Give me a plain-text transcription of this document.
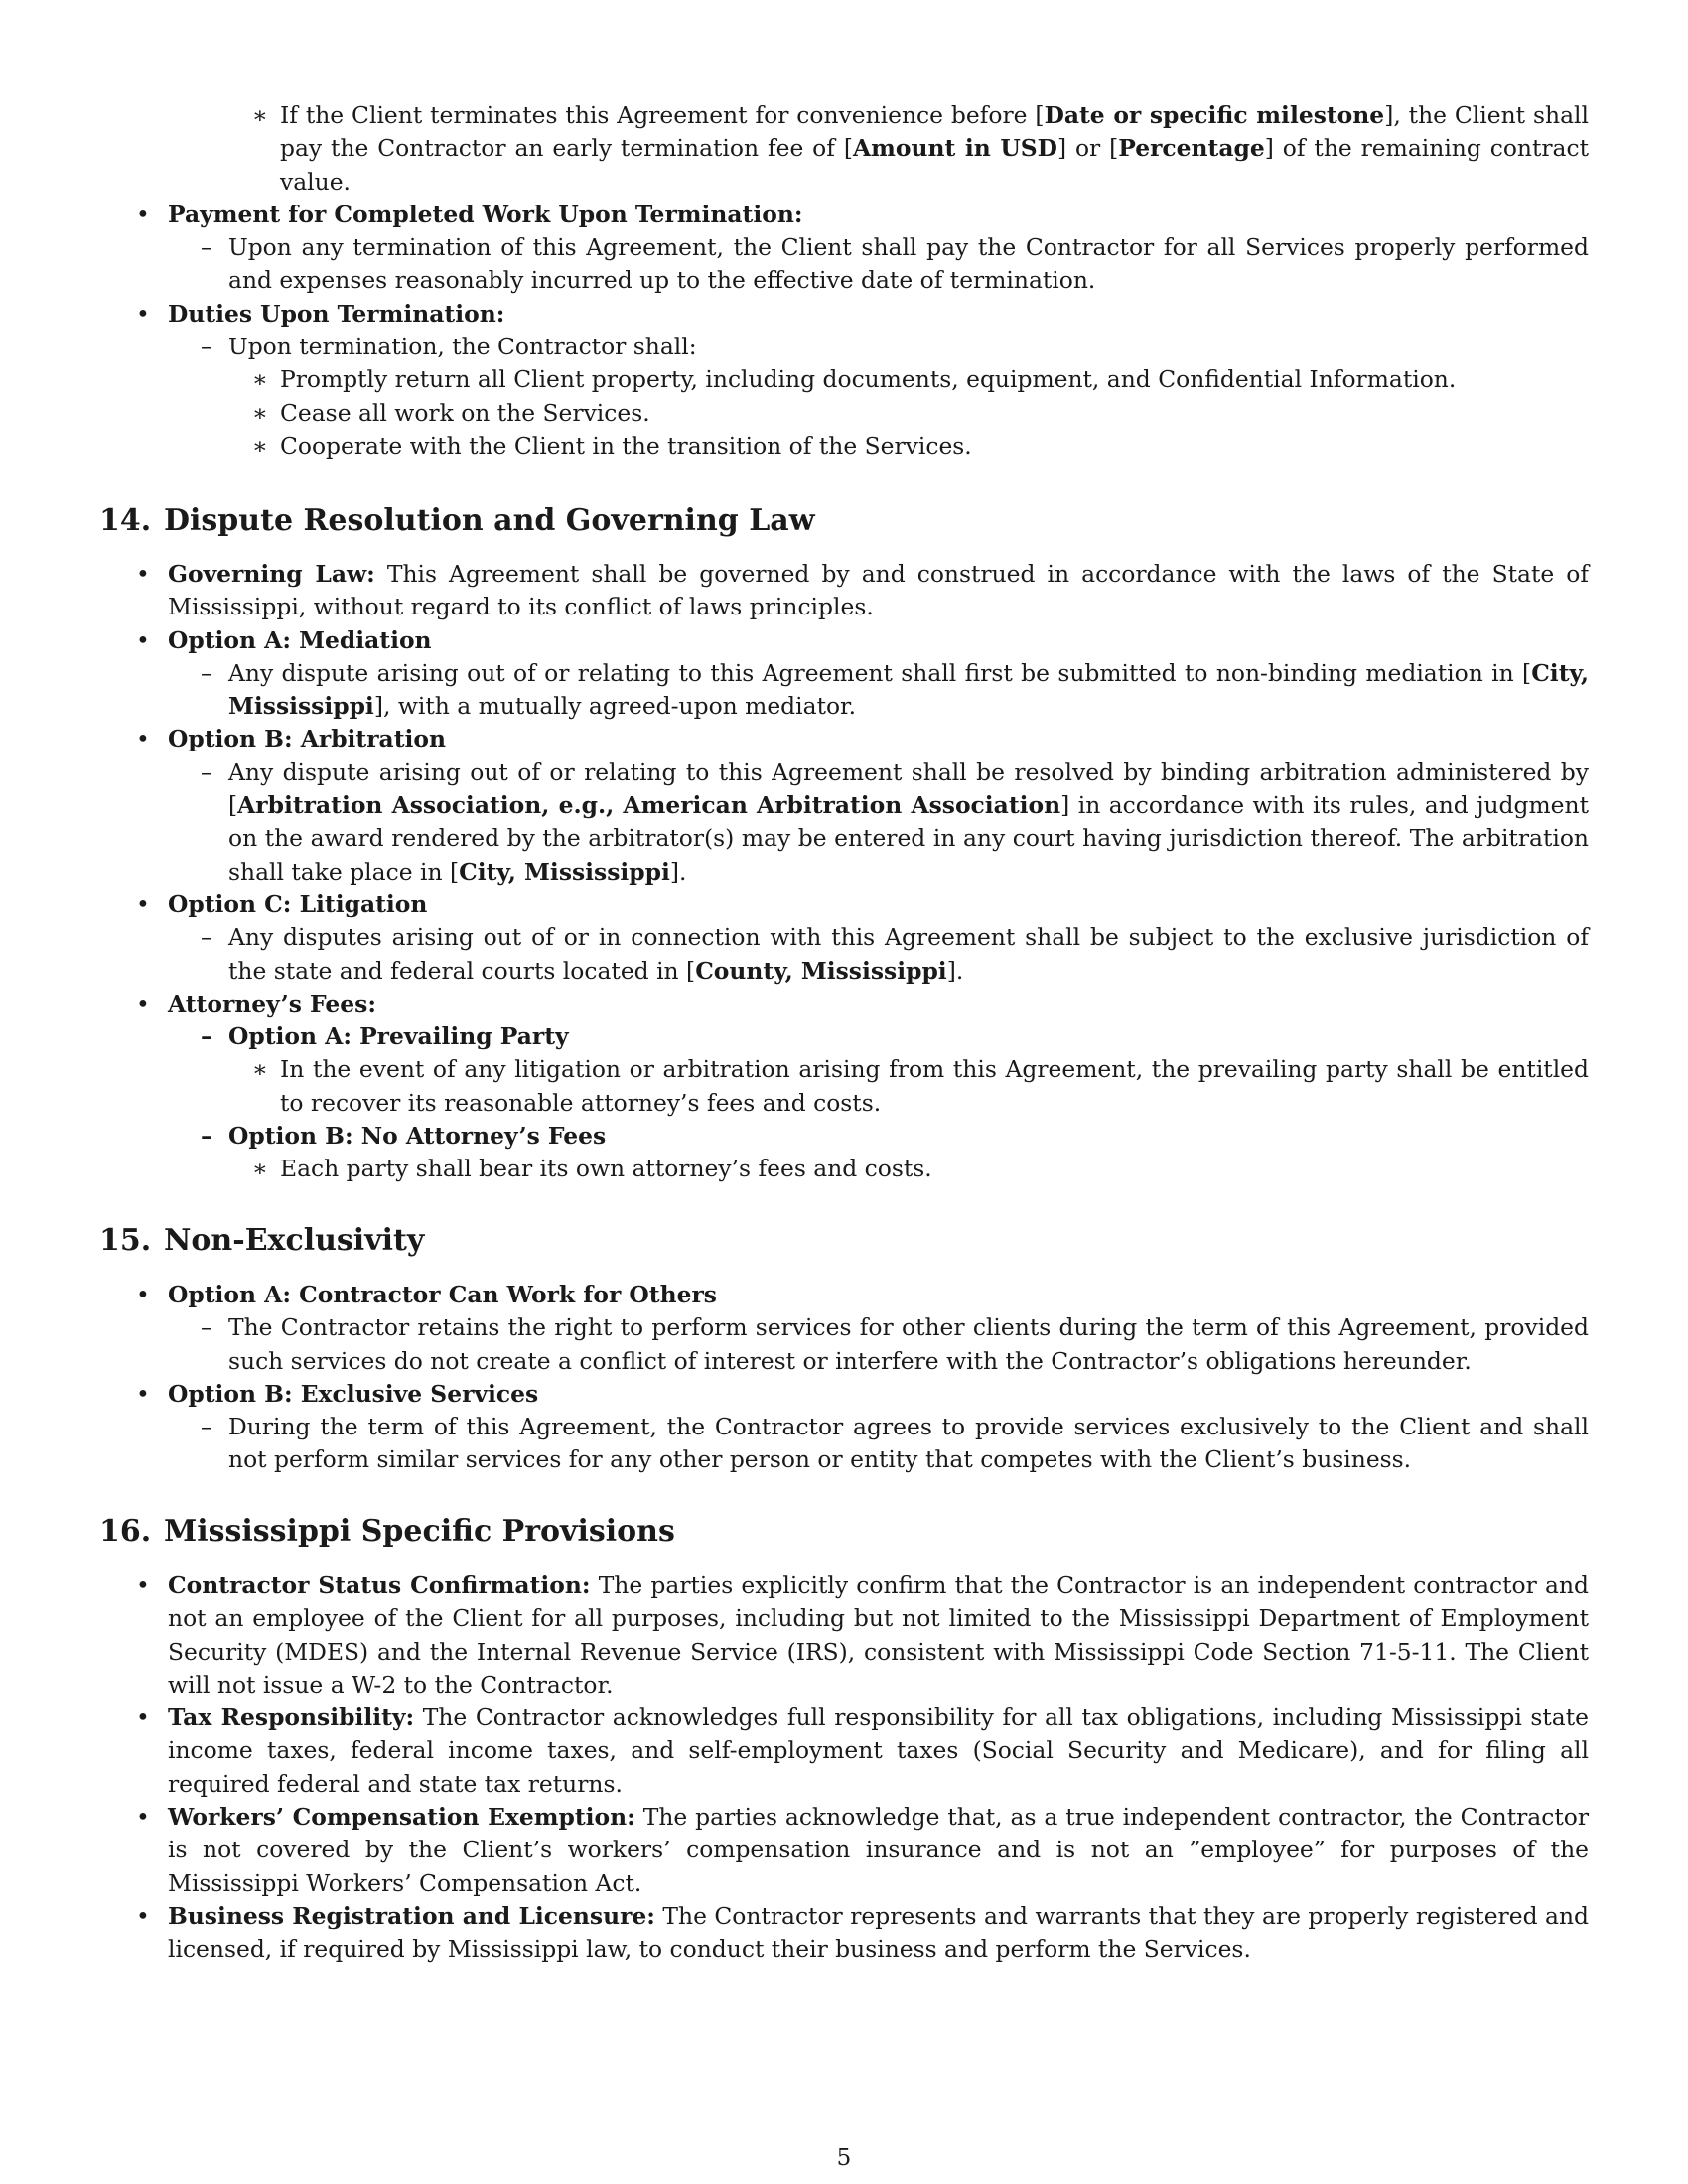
∗ If the Client terminates this Agreement for convenience before [Date or specific milestone], the Client shall pay the Contractor an early termination fee of [Amount in USD] or [Percentage] of the remaining contract value.
• Payment for Completed Work Upon Termination:
– Upon any termination of this Agreement, the Client shall pay the Contractor for all Services properly performed and expenses reasonably incurred up to the effective date of termination.
• Duties Upon Termination:
– Upon termination, the Contractor shall:
∗ Promptly return all Client property, including documents, equipment, and Confidential Information.
∗ Cease all work on the Services.
∗ Cooperate with the Client in the transition of the Services.
14. Dispute Resolution and Governing Law
• Governing Law: This Agreement shall be governed by and construed in accordance with the laws of the State of Mississippi, without regard to its conflict of laws principles.
• Option A: Mediation
– Any dispute arising out of or relating to this Agreement shall first be submitted to non-binding mediation in [City, Mississippi], with a mutually agreed-upon mediator.
• Option B: Arbitration
– Any dispute arising out of or relating to this Agreement shall be resolved by binding arbitration administered by [Arbitration Association, e.g., American Arbitration Association] in accordance with its rules, and judgment on the award rendered by the arbitrator(s) may be entered in any court having jurisdiction thereof. The arbitration shall take place in [City, Mississippi].
• Option C: Litigation
– Any disputes arising out of or in connection with this Agreement shall be subject to the exclusive jurisdiction of the state and federal courts located in [County, Mississippi].
• Attorney’s Fees:
– Option A: Prevailing Party
∗ In the event of any litigation or arbitration arising from this Agreement, the prevailing party shall be entitled to recover its reasonable attorney’s fees and costs.
– Option B: No Attorney’s Fees
∗ Each party shall bear its own attorney’s fees and costs.
15. Non-Exclusivity
• Option A: Contractor Can Work for Others
– The Contractor retains the right to perform services for other clients during the term of this Agreement, provided such services do not create a conflict of interest or interfere with the Contractor’s obligations hereunder.
• Option B: Exclusive Services
– During the term of this Agreement, the Contractor agrees to provide services exclusively to the Client and shall not perform similar services for any other person or entity that competes with the Client’s business.
16. Mississippi Specific Provisions
• Contractor Status Confirmation: The parties explicitly confirm that the Contractor is an independent contractor and not an employee of the Client for all purposes, including but not limited to the Mississippi Department of Employment Security (MDES) and the Internal Revenue Service (IRS), consistent with Mississippi Code Section 71-5-11. The Client will not issue a W-2 to the Contractor.
• Tax Responsibility: The Contractor acknowledges full responsibility for all tax obligations, including Mississippi state income taxes, federal income taxes, and self-employment taxes (Social Security and Medicare), and for filing all required federal and state tax returns.
• Workers’ Compensation Exemption: The parties acknowledge that, as a true independent contractor, the Contractor is not covered by the Client’s workers’ compensation insurance and is not an ”employee” for purposes of the Mississippi Workers’ Compensation Act.
• Business Registration and Licensure: The Contractor represents and warrants that they are properly registered and licensed, if required by Mississippi law, to conduct their business and perform the Services.
5
